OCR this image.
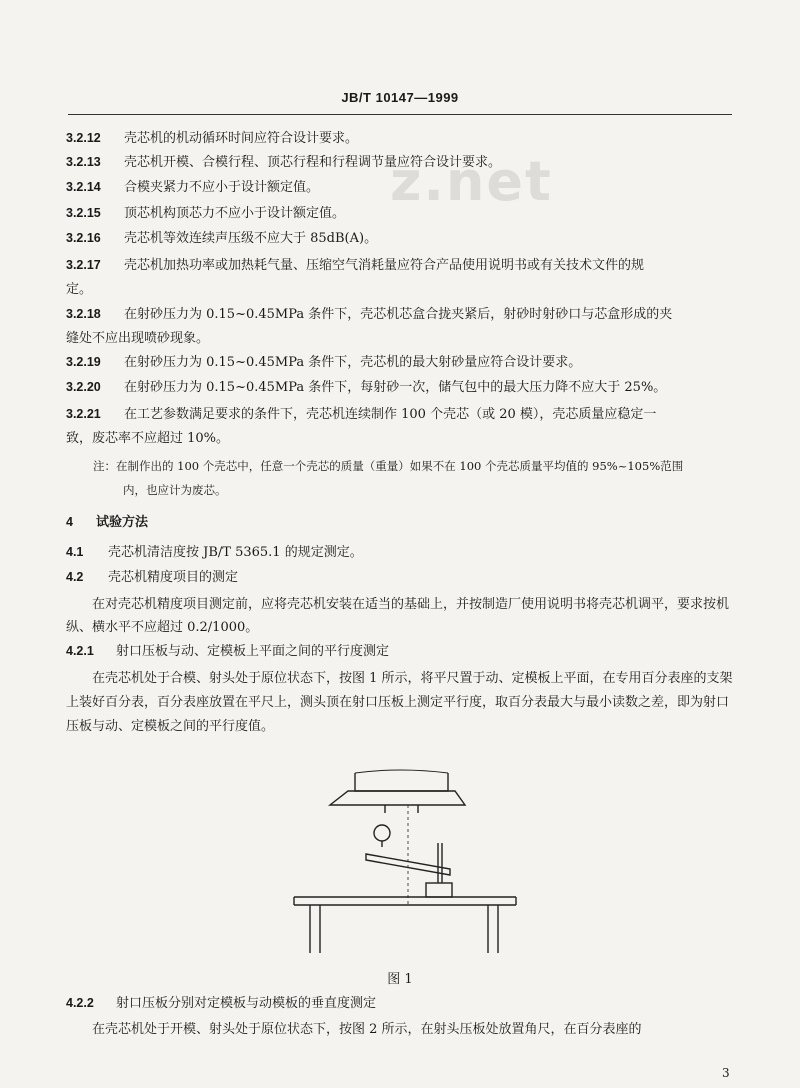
JB/T 10147—1999
z.net
3.2.12 壳芯机的机动循环时间应符合设计要求。
3.2.13 壳芯机开模、合模行程、顶芯行程和行程调节量应符合设计要求。
3.2.14 合模夹紧力不应小于设计额定值。
3.2.15 顶芯机构顶芯力不应小于设计额定值。
3.2.16 壳芯机等效连续声压级不应大于 85dB(A)。
3.2.17 壳芯机加热功率或加热耗气量、压缩空气消耗量应符合产品使用说明书或有关技术文件的规
定。
3.2.18 在射砂压力为 0.15~0.45MPa 条件下，壳芯机芯盒合拢夹紧后，射砂时射砂口与芯盒形成的夹
缝处不应出现喷砂现象。
3.2.19 在射砂压力为 0.15~0.45MPa 条件下，壳芯机的最大射砂量应符合设计要求。
3.2.20 在射砂压力为 0.15~0.45MPa 条件下，每射砂一次，储气包中的最大压力降不应大于 25%。
3.2.21 在工艺参数满足要求的条件下，壳芯机连续制作 100 个壳芯（或 20 模），壳芯质量应稳定一
致，废芯率不应超过 10%。
注：在制作出的 100 个壳芯中，任意一个壳芯的质量（重量）如果不在 100 个壳芯质量平均值的 95%~105%范围
内，也应计为废芯。
4 试验方法
4.1 壳芯机清洁度按 JB/T 5365.1 的规定测定。
4.2 壳芯机精度项目的测定
在对壳芯机精度项目测定前，应将壳芯机安装在适当的基础上，并按制造厂使用说明书将壳芯机调平，要求按机纵、横水平不应超过 0.2/1000。
4.2.1 射口压板与动、定模板上平面之间的平行度测定
在壳芯机处于合模、射头处于原位状态下，按图 1 所示，将平尺置于动、定模板上平面，在专用百分表座的支架上装好百分表，百分表座放置在平尺上，测头顶在射口压板上测定平行度，取百分表最大与最小读数之差，即为射口压板与动、定模板之间的平行度值。
图 1
4.2.2 射口压板分别对定模板与动模板的垂直度测定
在壳芯机处于开模、射头处于原位状态下，按图 2 所示，在射头压板处放置角尺，在百分表座的
3
